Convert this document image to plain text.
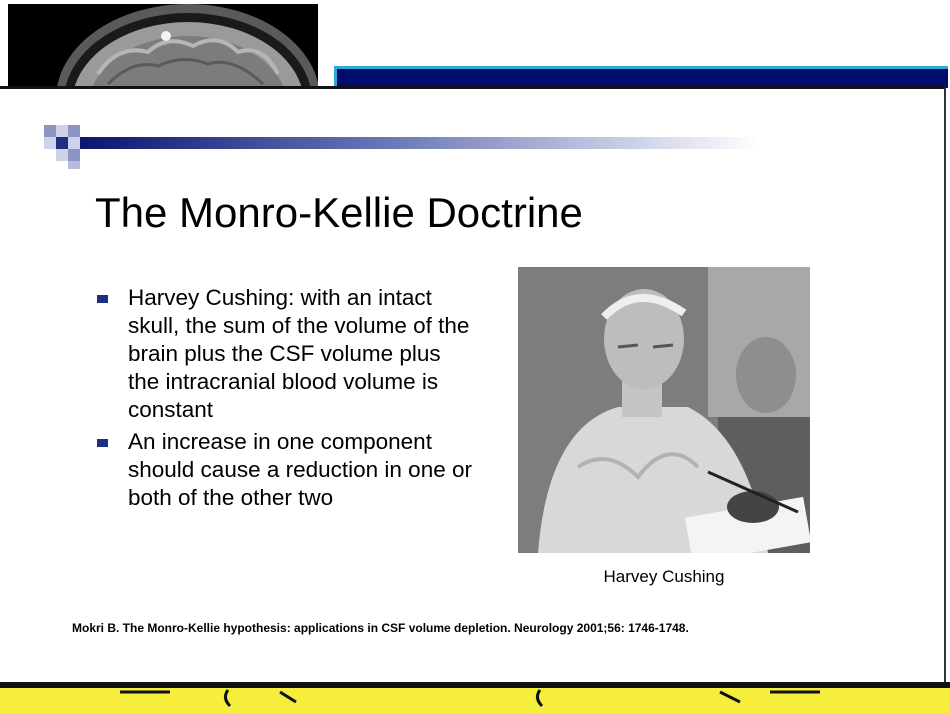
The Monro-Kellie Doctrine
Harvey Cushing: with an intact skull, the sum of the volume of the brain plus the CSF volume plus the intracranial blood volume is constant
An increase in one component should cause a reduction in one or both of the other two
Harvey Cushing
Mokri B. The Monro-Kellie hypothesis: applications in CSF volume depletion. Neurology 2001;56: 1746-1748.
